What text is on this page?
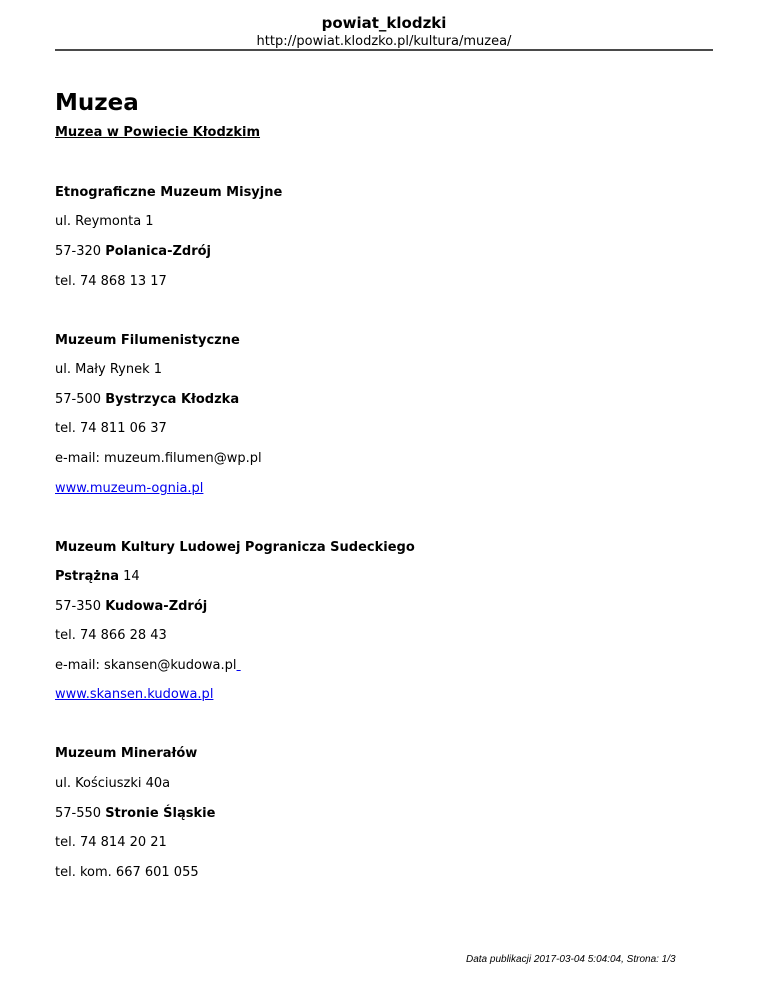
powiat_klodzki
http://powiat.klodzko.pl/kultura/muzea/
Muzea
Muzea w Powiecie Kłodzkim
Etnograficzne Muzeum Misyjne
ul. Reymonta 1
57-320 Polanica-Zdrój
tel. 74 868 13 17
Muzeum Filumenistyczne
ul. Mały Rynek 1
57-500 Bystrzyca Kłodzka
tel. 74 811 06 37
e-mail: muzeum.filumen@wp.pl
www.muzeum-ognia.pl
Muzeum Kultury Ludowej Pogranicza Sudeckiego
Pstrążna 14
57-350 Kudowa-Zdrój
tel. 74 866 28 43
e-mail: skansen@kudowa.pl
www.skansen.kudowa.pl
Muzeum Minerałów
ul. Kościuszki 40a
57-550 Stronie Śląskie
tel. 74 814 20 21
tel. kom. 667 601 055
Data publikacji 2017-03-04 5:04:04, Strona: 1/3
